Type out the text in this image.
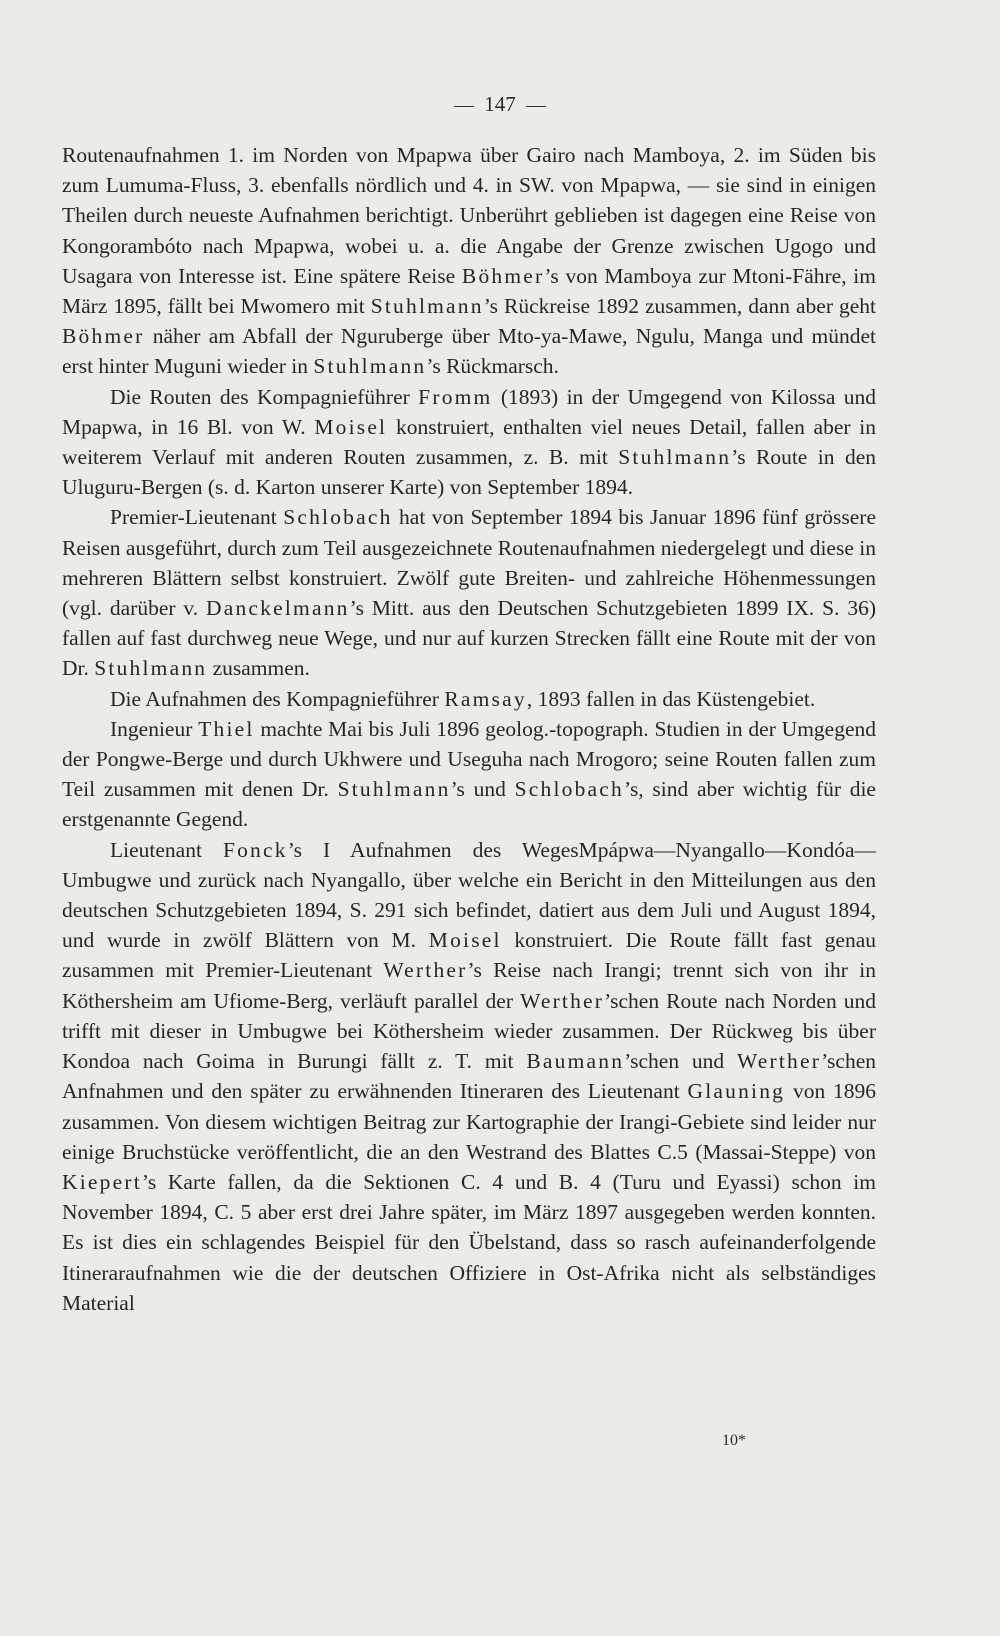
147

Routenaufnahmen 1. im Norden von Mpapwa über Gairo nach Mamboya, 2. im Süden bis zum Lumuma-Fluss, 3. ebenfalls nördlich und 4. in SW. von Mpapwa, — sie sind in einigen Theilen durch neueste Aufnahmen berichtigt. Unberührt geblieben ist dagegen eine Reise von Kongorambóto nach Mpapwa, wobei u. a. die Angabe der Grenze zwischen Ugogo und Usagara von Interesse ist. Eine spätere Reise Böhmer’s von Mamboya zur Mtoni-Fähre, im März 1895, fällt bei Mwomero mit Stuhlmann’s Rückreise 1892 zusammen, dann aber geht Böhmer näher am Abfall der Nguruberge über Mto-ya-Mawe, Ngulu, Manga und mündet erst hinter Muguni wieder in Stuhlmann’s Rückmarsch.

Die Routen des Kompagnieführer Fromm (1893) in der Umgegend von Kilossa und Mpapwa, in 16 Bl. von W. Moisel konstruiert, enthalten viel neues Detail, fallen aber in weiterem Verlauf mit anderen Routen zusammen, z. B. mit Stuhlmann’s Route in den Uluguru-Bergen (s. d. Karton unserer Karte) von September 1894.

Premier-Lieutenant Schlobach hat von September 1894 bis Januar 1896 fünf grössere Reisen ausgeführt, durch zum Teil ausgezeichnete Routenaufnahmen niedergelegt und diese in mehreren Blättern selbst konstruiert. Zwölf gute Breiten- und zahlreiche Höhenmessungen (vgl. darüber v. Danckelmann’s Mitt. aus den Deutschen Schutzgebieten 1899 IX. S. 36) fallen auf fast durchweg neue Wege, und nur auf kurzen Strecken fällt eine Route mit der von Dr. Stuhlmann zusammen.

Die Aufnahmen des Kompagnieführer Ramsay, 1893 fallen in das Küstengebiet.

Ingenieur Thiel machte Mai bis Juli 1896 geolog.-topograph. Studien in der Umgegend der Pongwe-Berge und durch Ukhwere und Useguha nach Mrogoro; seine Routen fallen zum Teil zusammen mit denen Dr. Stuhlmann’s und Schlobach’s, sind aber wichtig für die erstgenannte Gegend.

Lieutenant Fonck’s I Aufnahmen des WegesMpápwa—Nyangallo—Kondóa—Umbugwe und zurück nach Nyangallo, über welche ein Bericht in den Mitteilungen aus den deutschen Schutzgebieten 1894, S. 291 sich befindet, datiert aus dem Juli und August 1894, und wurde in zwölf Blättern von M. Moisel konstruiert. Die Route fällt fast genau zusammen mit Premier-Lieutenant Werther’s Reise nach Irangi; trennt sich von ihr in Köthersheim am Ufiome-Berg, verläuft parallel der Werther’schen Route nach Norden und trifft mit dieser in Umbugwe bei Köthersheim wieder zusammen. Der Rückweg bis über Kondoa nach Goima in Burungi fällt z. T. mit Baumann’schen und Werther’schen Anfnahmen und den später zu erwähnenden Itineraren des Lieutenant Glauning von 1896 zusammen. Von diesem wichtigen Beitrag zur Kartographie der Irangi-Gebiete sind leider nur einige Bruchstücke veröffentlicht, die an den Westrand des Blattes C.5 (Massai-Steppe) von Kiepert’s Karte fallen, da die Sektionen C. 4 und B. 4 (Turu und Eyassi) schon im November 1894, C. 5 aber erst drei Jahre später, im März 1897 ausgegeben werden konnten. Es ist dies ein schlagendes Beispiel für den Übelstand, dass so rasch aufeinanderfolgende Itineraraufnahmen wie die der deutschen Offiziere in Ost-Afrika nicht als selbständiges Material

10*
